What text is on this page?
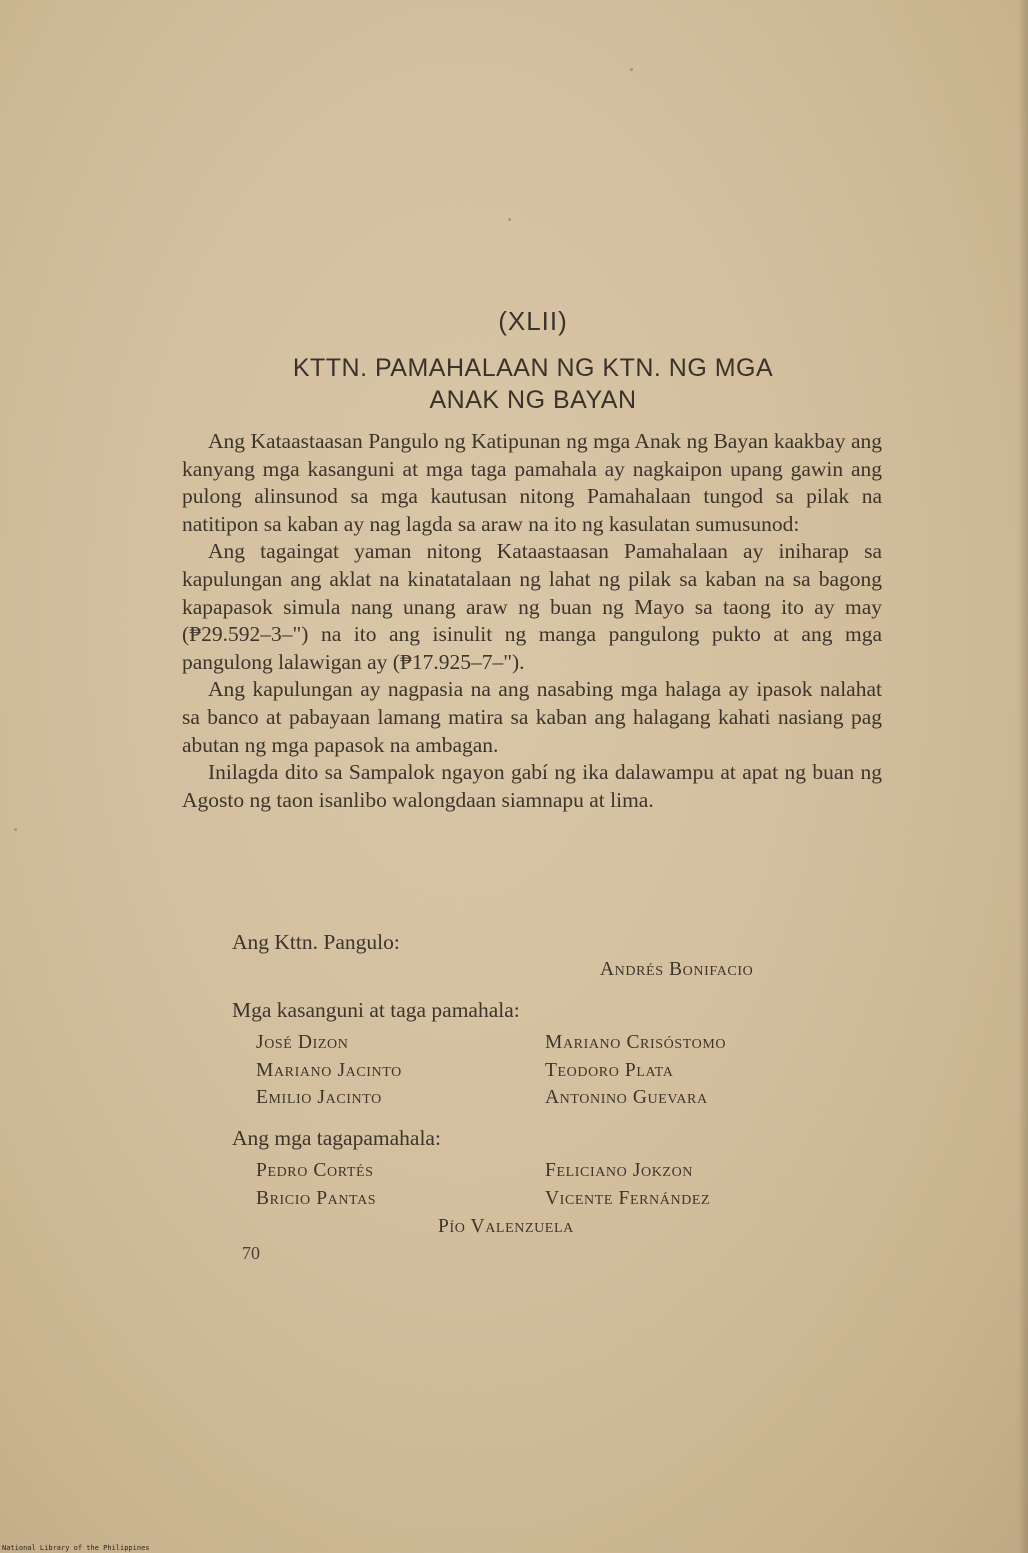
(XLII)
KTTN. PAMAHALAAN NG KTN. NG MGA
ANAK NG BAYAN

Ang Kataastaasan Pangulo ng Katipunan ng mga Anak ng Bayan kaakbay ang kanyang mga kasanguni at mga taga pamahala ay nagkaipon upang gawin ang pulong alinsunod sa mga kautusan nitong Pamahalaan tungod sa pilak na natitipon sa kaban ay nag lagda sa araw na ito ng kasulatan sumusunod:

Ang tagaingat yaman nitong Kataastaasan Pamahalaan ay iniharap sa kapulungan ang aklat na kinatatalaan ng lahat ng pilak sa kaban na sa bagong kapapasok simula nang unang araw ng buan ng Mayo sa taong ito ay may (₱29.592–3–") na ito ang isinulit ng manga pangulong pukto at ang mga pangulong lalawigan ay (₱17.925–7–").

Ang kapulungan ay nagpasia na ang nasabing mga halaga ay ipasok nalahat sa banco at pabayaan lamang matira sa kaban ang halagang kahati nasiang pag abutan ng mga papasok na ambagan.

Inilagda dito sa Sampalok ngayon gabí ng ika dalawampu at apat ng buan ng Agosto ng taon isanlibo walongdaan siamnapu at lima.

Ang Kttn. Pangulo:
Andrés Bonifacio
Mga kasanguni at taga pamahala:
José Dizon
Mariano Jacinto
Emilio Jacinto
Mariano Crisóstomo
Teodoro Plata
Antonino Guevara
Ang mga tagapamahala:
Pedro Cortés
Bricio Pantas
Feliciano Jokzon
Vicente Fernández
Pío Valenzuela
70
National Library of the Philippines
